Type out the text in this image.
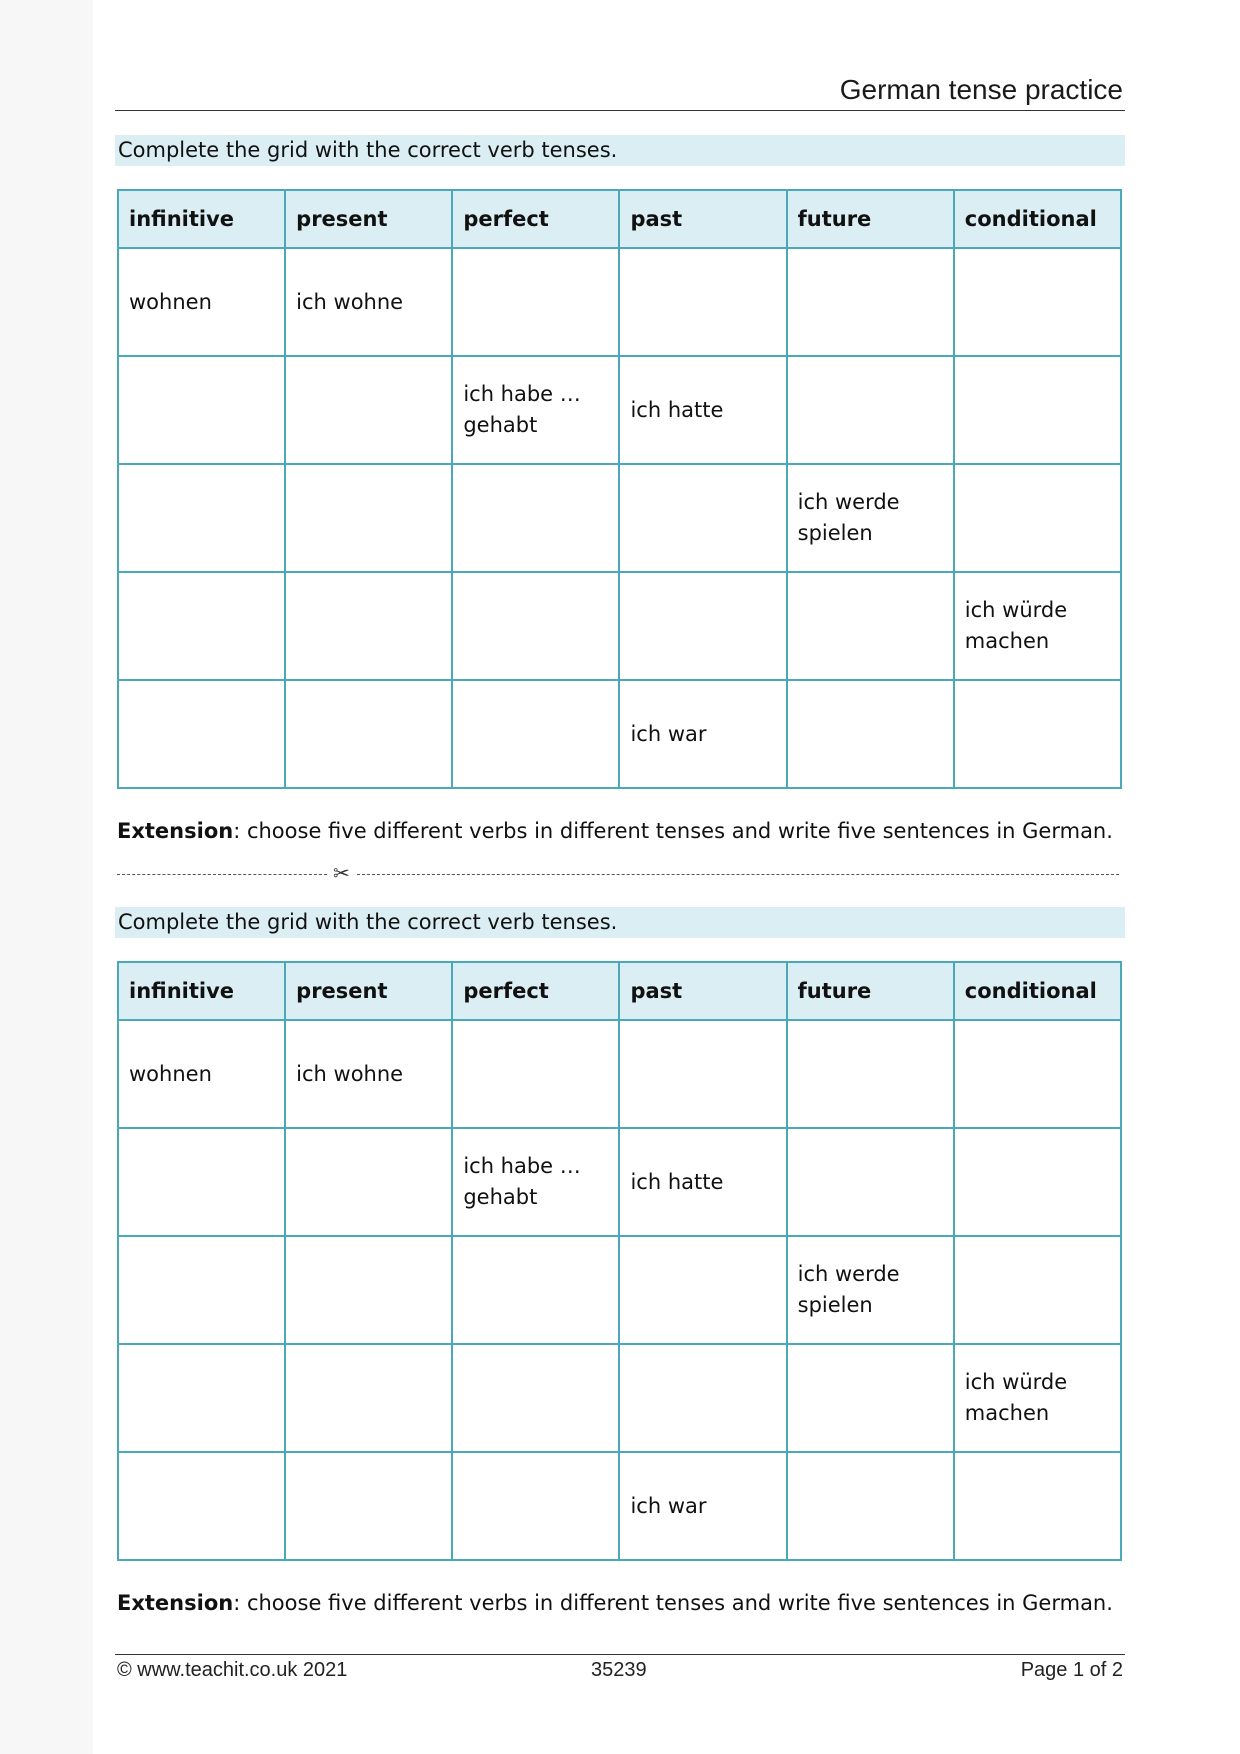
German tense practice
Complete the grid with the correct verb tenses.
infinitive	present	perfect	past	future	conditional
wohnen	ich wohne				
		ich habe … gehabt	ich hatte		
				ich werde spielen	
					ich würde machen
			ich war		
Extension: choose five different verbs in different tenses and write five sentences in German.
✂
Complete the grid with the correct verb tenses.
infinitive	present	perfect	past	future	conditional
wohnen	ich wohne				
		ich habe … gehabt	ich hatte		
				ich werde spielen	
					ich würde machen
			ich war		
Extension: choose five different verbs in different tenses and write five sentences in German.
© www.teachit.co.uk 2021	35239	Page 1 of 2
